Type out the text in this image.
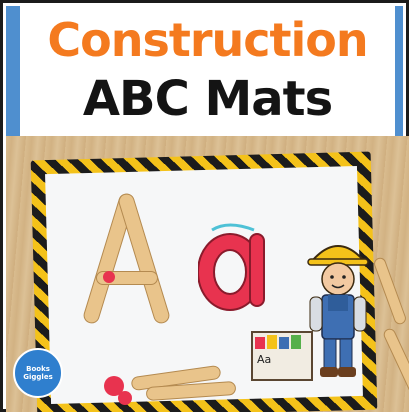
Construction
ABC Mats
Aa
Books Giggles
